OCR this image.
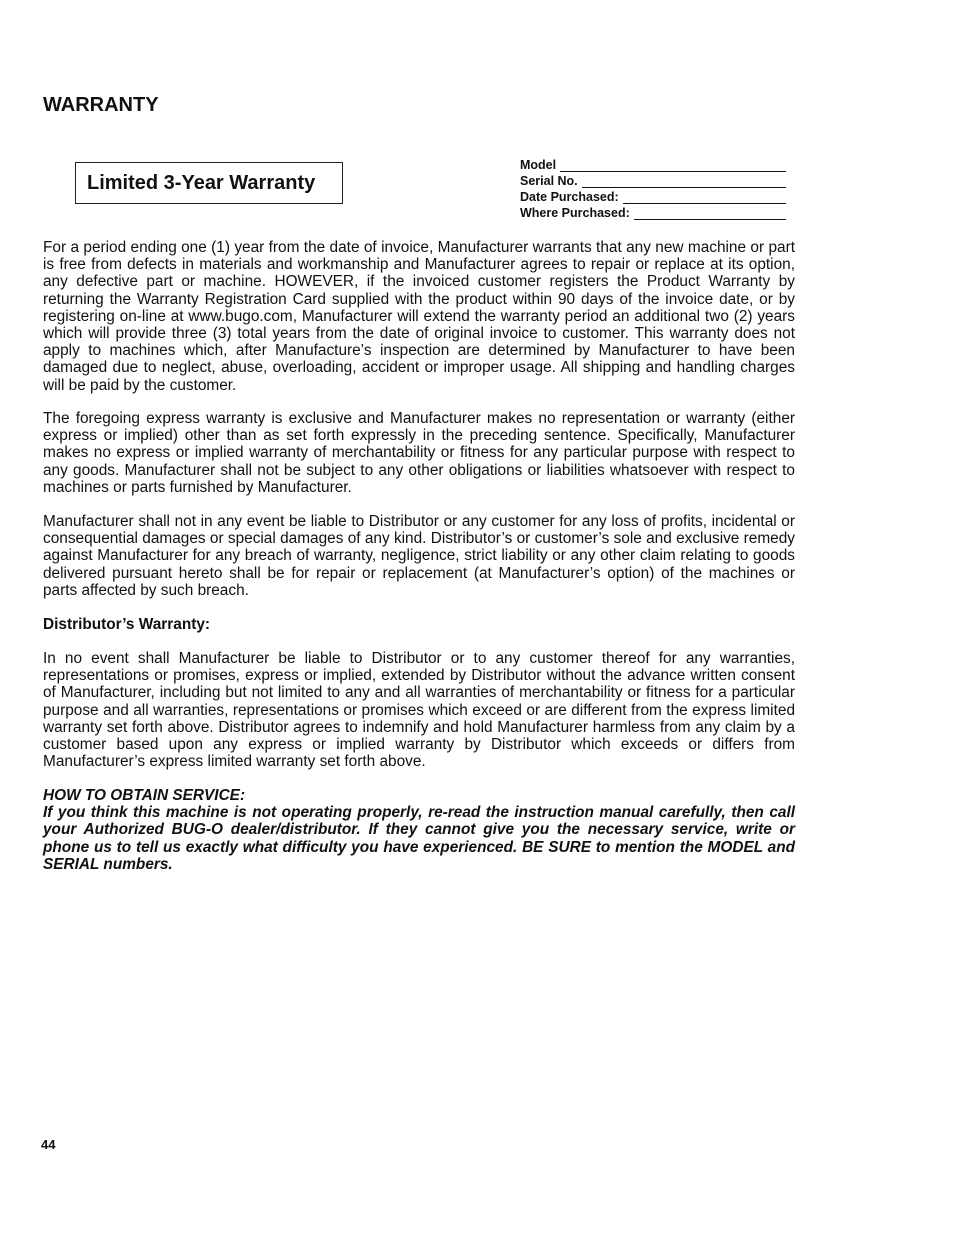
WARRANTY
Limited 3-Year Warranty
Model
Serial No.
Date Purchased:
Where Purchased:

For a period ending one (1) year from the date of invoice, Manufacturer warrants that any new machine or part is free from defects in materials and workmanship and Manufacturer agrees to repair or replace at its option, any defective part or machine. HOWEVER, if the invoiced customer registers the Product Warranty by returning the Warranty Registration Card supplied with the product within 90 days of the invoice date, or by registering on-line at www.bugo.com, Manufacturer will extend the warranty period an additional two (2) years which will provide three (3) total years from the date of original invoice to customer. This warranty does not apply to machines which, after Manufacture’s inspection are determined by Manufacturer to have been damaged due to neglect, abuse, overloading, accident or improper usage. All shipping and handling charges will be paid by the customer.

The foregoing express warranty is exclusive and Manufacturer makes no representation or warranty (either express or implied) other than as set forth expressly in the preceding sentence. Specifically, Manufacturer makes no express or implied warranty of merchantability or fitness for any particular purpose with respect to any goods. Manufacturer shall not be subject to any other obligations or liabilities whatsoever with respect to machines or parts furnished by Manufacturer.

Manufacturer shall not in any event be liable to Distributor or any customer for any loss of profits, incidental or consequential damages or special damages of any kind. Distributor’s or customer’s sole and exclusive remedy against Manufacturer for any breach of warranty, negligence, strict liability or any other claim relating to goods delivered pursuant hereto shall be for repair or replacement (at Manufacturer’s option) of the machines or parts affected by such breach.

Distributor’s Warranty:

In no event shall Manufacturer be liable to Distributor or to any customer thereof for any warranties, representations or promises, express or implied, extended by Distributor without the advance written consent of Manufacturer, including but not limited to any and all warranties of merchantability or fitness for a particular purpose and all warranties, representations or promises which exceed or are different from the express limited warranty set forth above. Distributor agrees to indemnify and hold Manufacturer harmless from any claim by a customer based upon any express or implied warranty by Distributor which exceeds or differs from Manufacturer’s express limited warranty set forth above.

HOW TO OBTAIN SERVICE:
If you think this machine is not operating properly, re-read the instruction manual carefully, then call your Authorized BUG-O dealer/distributor. If they cannot give you the necessary service, write or phone us to tell us exactly what difficulty you have experienced. BE SURE to mention the MODEL and SERIAL numbers.
44
